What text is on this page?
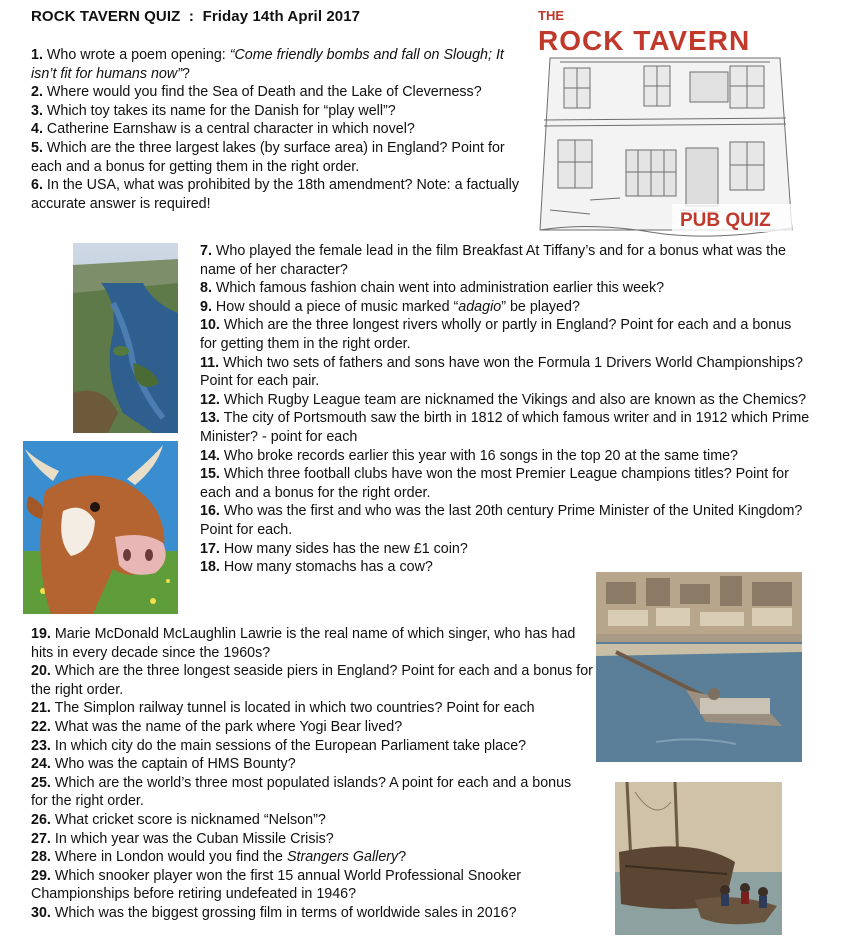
ROCK TAVERN QUIZ  :  Friday 14th April 2017	THE
ROCK TAVERN
PUB QUIZ

1. Who wrote a poem opening: “Come friendly bombs and fall on Slough; It isn’t fit for humans now”?

2. Where would you find the Sea of Death and the Lake of Cleverness?

3. Which toy takes its name for the Danish for “play well”?

4. Catherine Earnshaw is a central character in which novel?

5. Which are the three largest lakes (by surface area) in England? Point for each and a bonus for getting them in the right order.

6. In the USA, what was prohibited by the 18th amendment? Note: a factually accurate answer is required!

7. Who played the female lead in the film Breakfast At Tiffany’s and for a bonus what was the name of her character?

8. Which famous fashion chain went into administration earlier this week?

9. How should a piece of music marked “adagio” be played?

10. Which are the three longest rivers wholly or partly in England? Point for each and a bonus for getting them in the right order.

11. Which two sets of fathers and sons have won the Formula 1 Drivers World Championships? Point for each pair.

12. Which Rugby League team are nicknamed the Vikings and also are known as the Chemics?

13. The city of Portsmouth saw the birth in 1812 of which famous writer and in 1912 which Prime Minister? - point for each

14. Who broke records earlier this year with 16 songs in the top 20 at the same time?

15. Which three football clubs have won the most Premier League champions titles? Point for each and a bonus for the right order.

16. Who was the first and who was the last 20th century Prime Minister of the United Kingdom? Point for each.

17. How many sides has the new £1 coin?

18. How many stomachs has a cow?

19. Marie McDonald McLaughlin Lawrie is the real name of which singer, who has had hits in every decade since the 1960s?

20. Which are the three longest seaside piers in England? Point for each and a bonus for the right order.

21. The Simplon railway tunnel is located in which two countries? Point for each

22. What was the name of the park where Yogi Bear lived?

23. In which city do the main sessions of the European Parliament take place?

24. Who was the captain of HMS Bounty?

25. Which are the world’s three most populated islands? A point for each and a bonus for the right order.

26. What cricket score is nicknamed “Nelson”?

27. In which year was the Cuban Missile Crisis?

28. Where in London would you find the Strangers Gallery?

29. Which snooker player won the first 15 annual World Professional Snooker Championships before retiring undefeated in 1946?

30. Which was the biggest grossing film in terms of worldwide sales in 2016?
